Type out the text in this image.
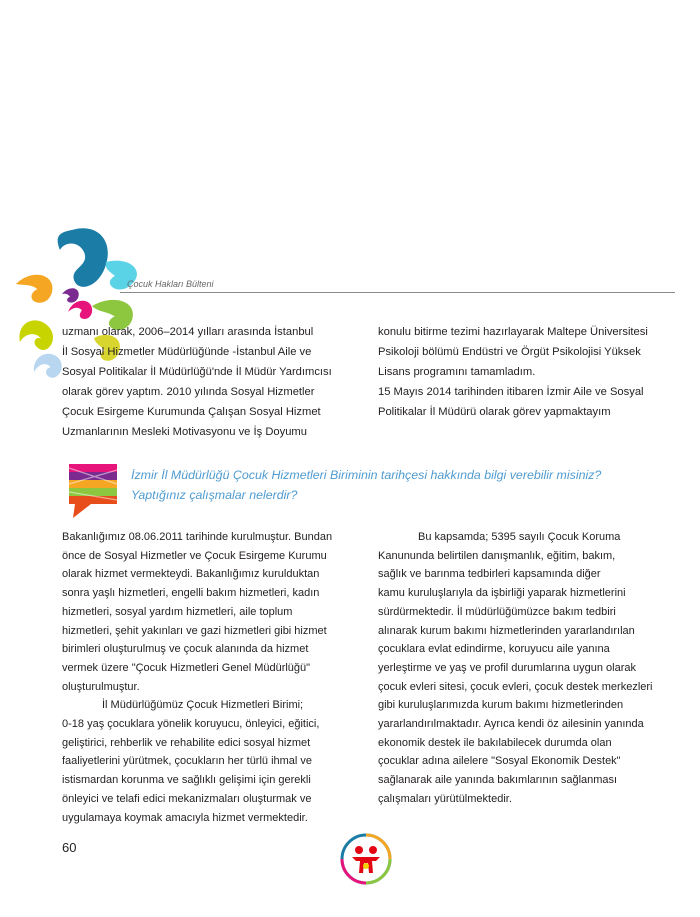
Çocuk Hakları Bülteni

uzmanı olarak, 2006–2014 yılları arasında İstanbul

İl Sosyal Hizmetler Müdürlüğünde -İstanbul Aile ve

Sosyal Politikalar İl Müdürlüğü'nde İl Müdür Yardımcısı

olarak görev yaptım. 2010 yılında Sosyal Hizmetler

Çocuk Esirgeme Kurumunda Çalışan Sosyal Hizmet

Uzmanlarının Mesleki Motivasyonu ve İş Doyumu

konulu bitirme tezimi hazırlayarak Maltepe Üniversitesi

Psikoloji bölümü Endüstri ve Örgüt Psikolojisi Yüksek

Lisans programını tamamladım.

15 Mayıs 2014 tarihinden itibaren İzmir Aile ve Sosyal

Politikalar İl Müdürü olarak görev yapmaktayım

İzmir İl Müdürlüğü Çocuk Hizmetleri Biriminin tarihçesi hakkında bilgi verebilir misiniz?
Yaptığınız çalışmalar nelerdir?

Bakanlığımız 08.06.2011 tarihinde kurulmuştur. Bundan

önce de Sosyal Hizmetler ve Çocuk Esirgeme Kurumu

olarak hizmet vermekteydi. Bakanlığımız kurulduktan

sonra yaşlı hizmetleri, engelli bakım hizmetleri, kadın

hizmetleri, sosyal yardım hizmetleri, aile toplum

hizmetleri, şehit yakınları ve gazi hizmetleri gibi hizmet

birimleri oluşturulmuş ve çocuk alanında da hizmet

vermek üzere "Çocuk Hizmetleri Genel Müdürlüğü"

oluşturulmuştur.

İl Müdürlüğümüz Çocuk Hizmetleri Birimi;

0-18 yaş çocuklara yönelik koruyucu, önleyici, eğitici,

geliştirici, rehberlik ve rehabilite edici sosyal hizmet

faaliyetlerini yürütmek, çocukların her türlü ihmal ve

istismardan korunma ve sağlıklı gelişimi için gerekli

önleyici ve telafi edici mekanizmaları oluşturmak ve

uygulamaya koymak amacıyla hizmet vermektedir.

Bu kapsamda; 5395 sayılı Çocuk Koruma

Kanununda belirtilen danışmanlık, eğitim, bakım,

sağlık ve barınma tedbirleri kapsamında diğer

kamu kuruluşlarıyla da işbirliği yaparak hizmetlerini

sürdürmektedir. İl müdürlüğümüzce bakım tedbiri

alınarak kurum bakımı hizmetlerinden yararlandırılan

çocuklara evlat edindirme, koruyucu aile yanına

yerleştirme ve yaş ve profil durumlarına uygun olarak

çocuk evleri sitesi, çocuk evleri, çocuk destek merkezleri

gibi kuruluşlarımızda kurum bakımı hizmetlerinden

yararlandırılmaktadır. Ayrıca kendi öz ailesinin yanında

ekonomik destek ile bakılabilecek durumda olan

çocuklar adına ailelere "Sosyal Ekonomik Destek"

sağlanarak aile yanında bakımlarının sağlanması

çalışmaları yürütülmektedir.

60
